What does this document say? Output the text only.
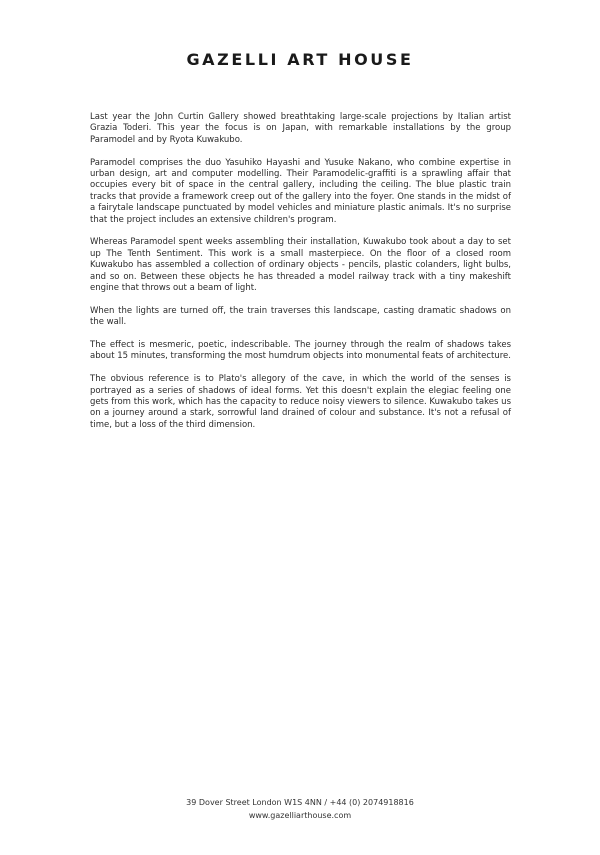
GAZELLI ART HOUSE

Last year the John Curtin Gallery showed breathtaking large-scale projections by Italian artist Grazia Toderi. This year the focus is on Japan, with remarkable installations by the group Paramodel and by Ryota Kuwakubo.

Paramodel comprises the duo Yasuhiko Hayashi and Yusuke Nakano, who combine expertise in urban design, art and computer modelling. Their Paramodelic-graffiti is a sprawling affair that occupies every bit of space in the central gallery, including the ceiling. The blue plastic train tracks that provide a framework creep out of the gallery into the foyer. One stands in the midst of a fairytale landscape punctuated by model vehicles and miniature plastic animals. It's no surprise that the project includes an extensive children's program.

Whereas Paramodel spent weeks assembling their installation, Kuwakubo took about a day to set up The Tenth Sentiment. This work is a small masterpiece. On the floor of a closed room Kuwakubo has assembled a collection of ordinary objects - pencils, plastic colanders, light bulbs, and so on. Between these objects he has threaded a model railway track with a tiny makeshift engine that throws out a beam of light.

When the lights are turned off, the train traverses this landscape, casting dramatic shadows on the wall.

The effect is mesmeric, poetic, indescribable. The journey through the realm of shadows takes about 15 minutes, transforming the most humdrum objects into monumental feats of architecture.

The obvious reference is to Plato's allegory of the cave, in which the world of the senses is portrayed as a series of shadows of ideal forms. Yet this doesn't explain the elegiac feeling one gets from this work, which has the capacity to reduce noisy viewers to silence. Kuwakubo takes us on a journey around a stark, sorrowful land drained of colour and substance. It's not a refusal of time, but a loss of the third dimension.

39 Dover Street London W1S 4NN / +44 (0) 2074918816
www.gazelliarthouse.com
